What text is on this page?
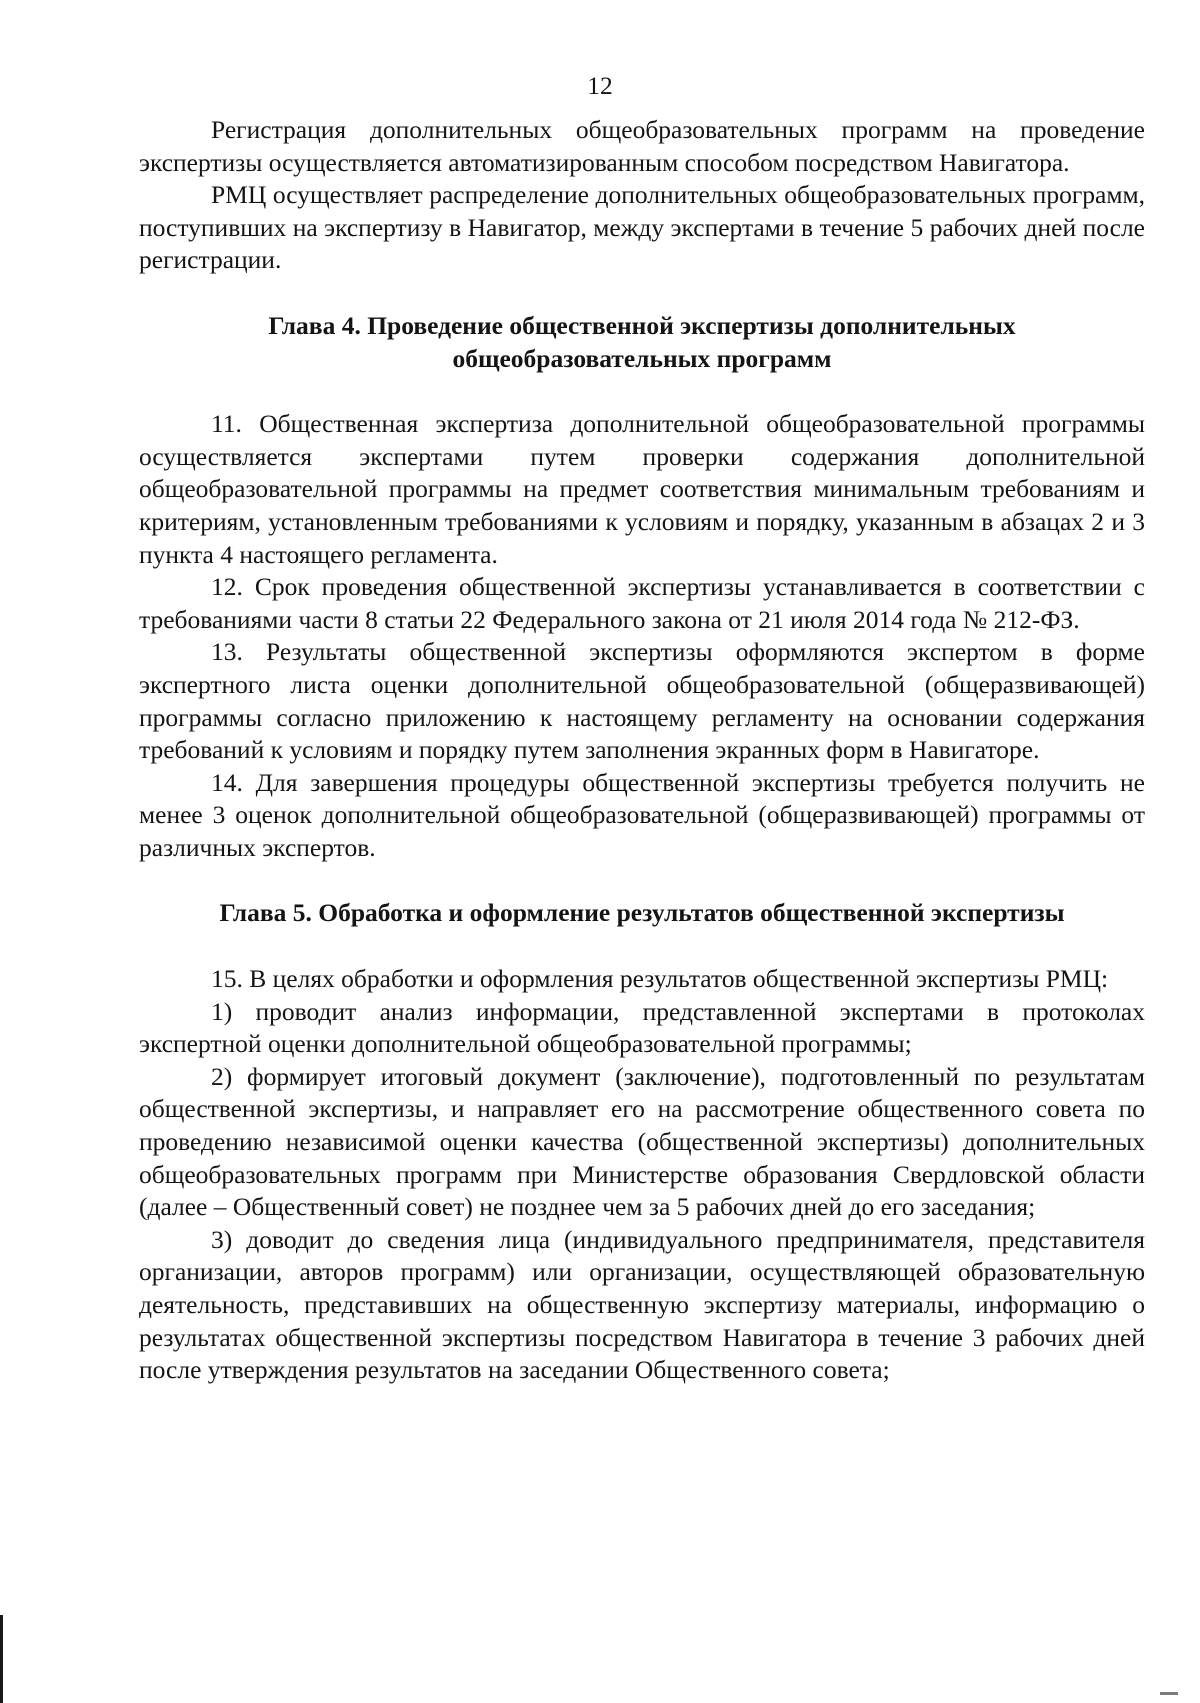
12

Регистрация дополнительных общеобразовательных программ на проведение экспертизы осуществляется автоматизированным способом посредством Навигатора.

РМЦ осуществляет распределение дополнительных общеобразовательных программ, поступивших на экспертизу в Навигатор, между экспертами в течение 5 рабочих дней после регистрации.

Глава 4. Проведение общественной экспертизы дополнительных общеобразовательных программ

11. Общественная экспертиза дополнительной общеобразовательной программы осуществляется экспертами путем проверки содержания дополнительной общеобразовательной программы на предмет соответствия минимальным требованиям и критериям, установленным требованиями к условиям и порядку, указанным в абзацах 2 и 3 пункта 4 настоящего регламента.

12. Срок проведения общественной экспертизы устанавливается в соответствии с требованиями части 8 статьи 22 Федерального закона от 21 июля 2014 года № 212-ФЗ.

13. Результаты общественной экспертизы оформляются экспертом в форме экспертного листа оценки дополнительной общеобразовательной (общеразвивающей) программы согласно приложению к настоящему регламенту на основании содержания требований к условиям и порядку путем заполнения экранных форм в Навигаторе.

14. Для завершения процедуры общественной экспертизы требуется получить не менее 3 оценок дополнительной общеобразовательной (общеразвивающей) программы от различных экспертов.

Глава 5. Обработка и оформление результатов общественной экспертизы

15. В целях обработки и оформления результатов общественной экспертизы РМЦ:

1) проводит анализ информации, представленной экспертами в протоколах экспертной оценки дополнительной общеобразовательной программы;

2) формирует итоговый документ (заключение), подготовленный по результатам общественной экспертизы, и направляет его на рассмотрение общественного совета по проведению независимой оценки качества (общественной экспертизы) дополнительных общеобразовательных программ при Министерстве образования Свердловской области (далее – Общественный совет) не позднее чем за 5 рабочих дней до его заседания;

3) доводит до сведения лица (индивидуального предпринимателя, представителя организации, авторов программ) или организации, осуществляющей образовательную деятельность, представивших на общественную экспертизу материалы, информацию о результатах общественной экспертизы посредством Навигатора в течение 3 рабочих дней после утверждения результатов на заседании Общественного совета;
